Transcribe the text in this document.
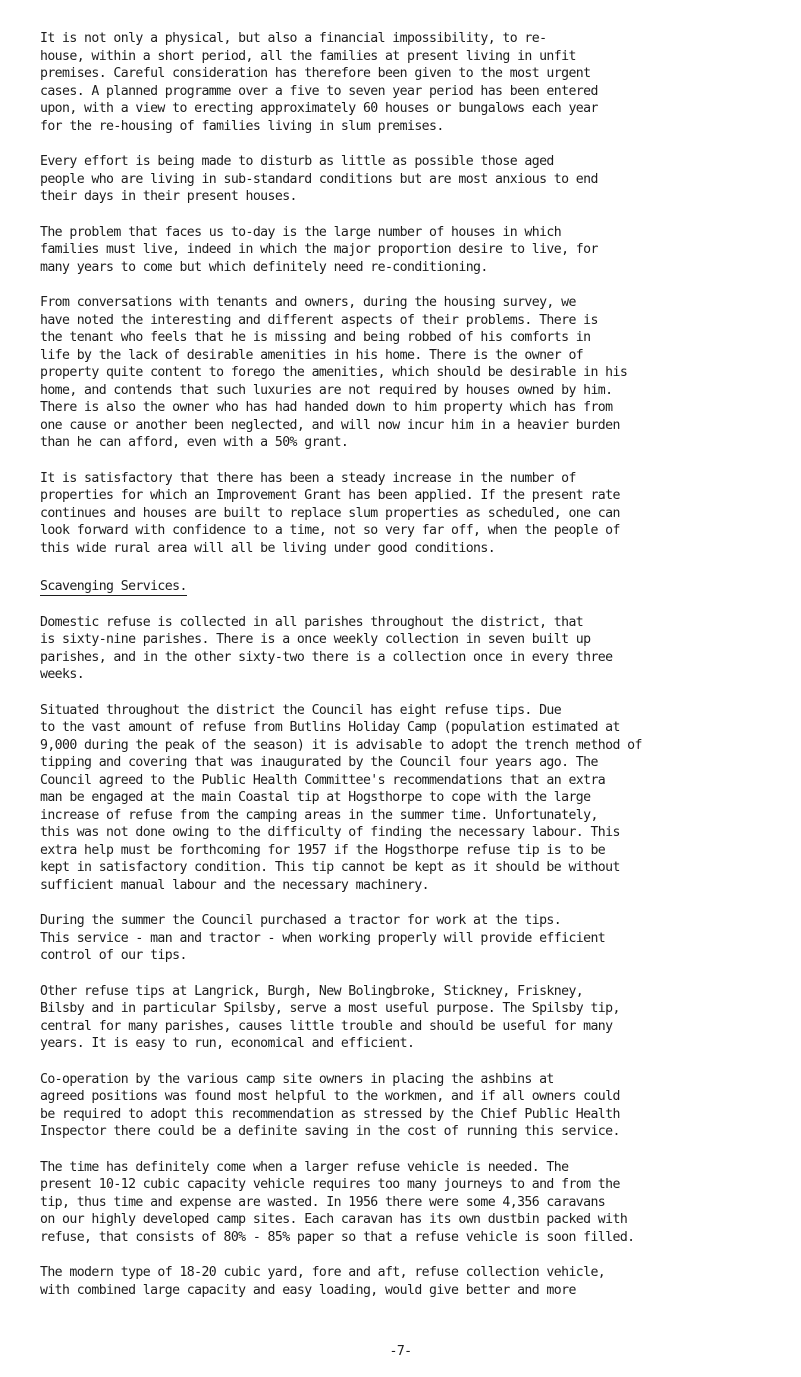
It is not only a physical, but also a financial impossibility, to re-
house, within a short period, all the families at present living in unfit
premises. Careful consideration has therefore been given to the most urgent
cases. A planned programme over a five to seven year period has been entered
upon, with a view to erecting approximately 60 houses or bungalows each year
for the re-housing of families living in slum premises.

Every effort is being made to disturb as little as possible those aged
people who are living in sub-standard conditions but are most anxious to end
their days in their present houses.

The problem that faces us to-day is the large number of houses in which
families must live, indeed in which the major proportion desire to live, for
many years to come but which definitely need re-conditioning.

From conversations with tenants and owners, during the housing survey, we
have noted the interesting and different aspects of their problems. There is
the tenant who feels that he is missing and being robbed of his comforts in
life by the lack of desirable amenities in his home. There is the owner of
property quite content to forego the amenities, which should be desirable in his
home, and contends that such luxuries are not required by houses owned by him.
There is also the owner who has had handed down to him property which has from
one cause or another been neglected, and will now incur him in a heavier burden
than he can afford, even with a 50% grant.

It is satisfactory that there has been a steady increase in the number of
properties for which an Improvement Grant has been applied. If the present rate
continues and houses are built to replace slum properties as scheduled, one can
look forward with confidence to a time, not so very far off, when the people of
this wide rural area will all be living under good conditions.

Scavenging Services.

Domestic refuse is collected in all parishes throughout the district, that
is sixty-nine parishes. There is a once weekly collection in seven built up
parishes, and in the other sixty-two there is a collection once in every three
weeks.

Situated throughout the district the Council has eight refuse tips. Due
to the vast amount of refuse from Butlins Holiday Camp (population estimated at
9,000 during the peak of the season) it is advisable to adopt the trench method of
tipping and covering that was inaugurated by the Council four years ago. The
Council agreed to the Public Health Committee's recommendations that an extra
man be engaged at the main Coastal tip at Hogsthorpe to cope with the large
increase of refuse from the camping areas in the summer time. Unfortunately,
this was not done owing to the difficulty of finding the necessary labour. This
extra help must be forthcoming for 1957 if the Hogsthorpe refuse tip is to be
kept in satisfactory condition. This tip cannot be kept as it should be without
sufficient manual labour and the necessary machinery.

During the summer the Council purchased a tractor for work at the tips.
This service - man and tractor - when working properly will provide efficient
control of our tips.

Other refuse tips at Langrick, Burgh, New Bolingbroke, Stickney, Friskney,
Bilsby and in particular Spilsby, serve a most useful purpose. The Spilsby tip,
central for many parishes, causes little trouble and should be useful for many
years. It is easy to run, economical and efficient.

Co-operation by the various camp site owners in placing the ashbins at
agreed positions was found most helpful to the workmen, and if all owners could
be required to adopt this recommendation as stressed by the Chief Public Health
Inspector there could be a definite saving in the cost of running this service.

The time has definitely come when a larger refuse vehicle is needed. The
present 10-12 cubic capacity vehicle requires too many journeys to and from the
tip, thus time and expense are wasted. In 1956 there were some 4,356 caravans
on our highly developed camp sites. Each caravan has its own dustbin packed with
refuse, that consists of 80% - 85% paper so that a refuse vehicle is soon filled.

The modern type of 18-20 cubic yard, fore and aft, refuse collection vehicle,
with combined large capacity and easy loading, would give better and more

-7-
